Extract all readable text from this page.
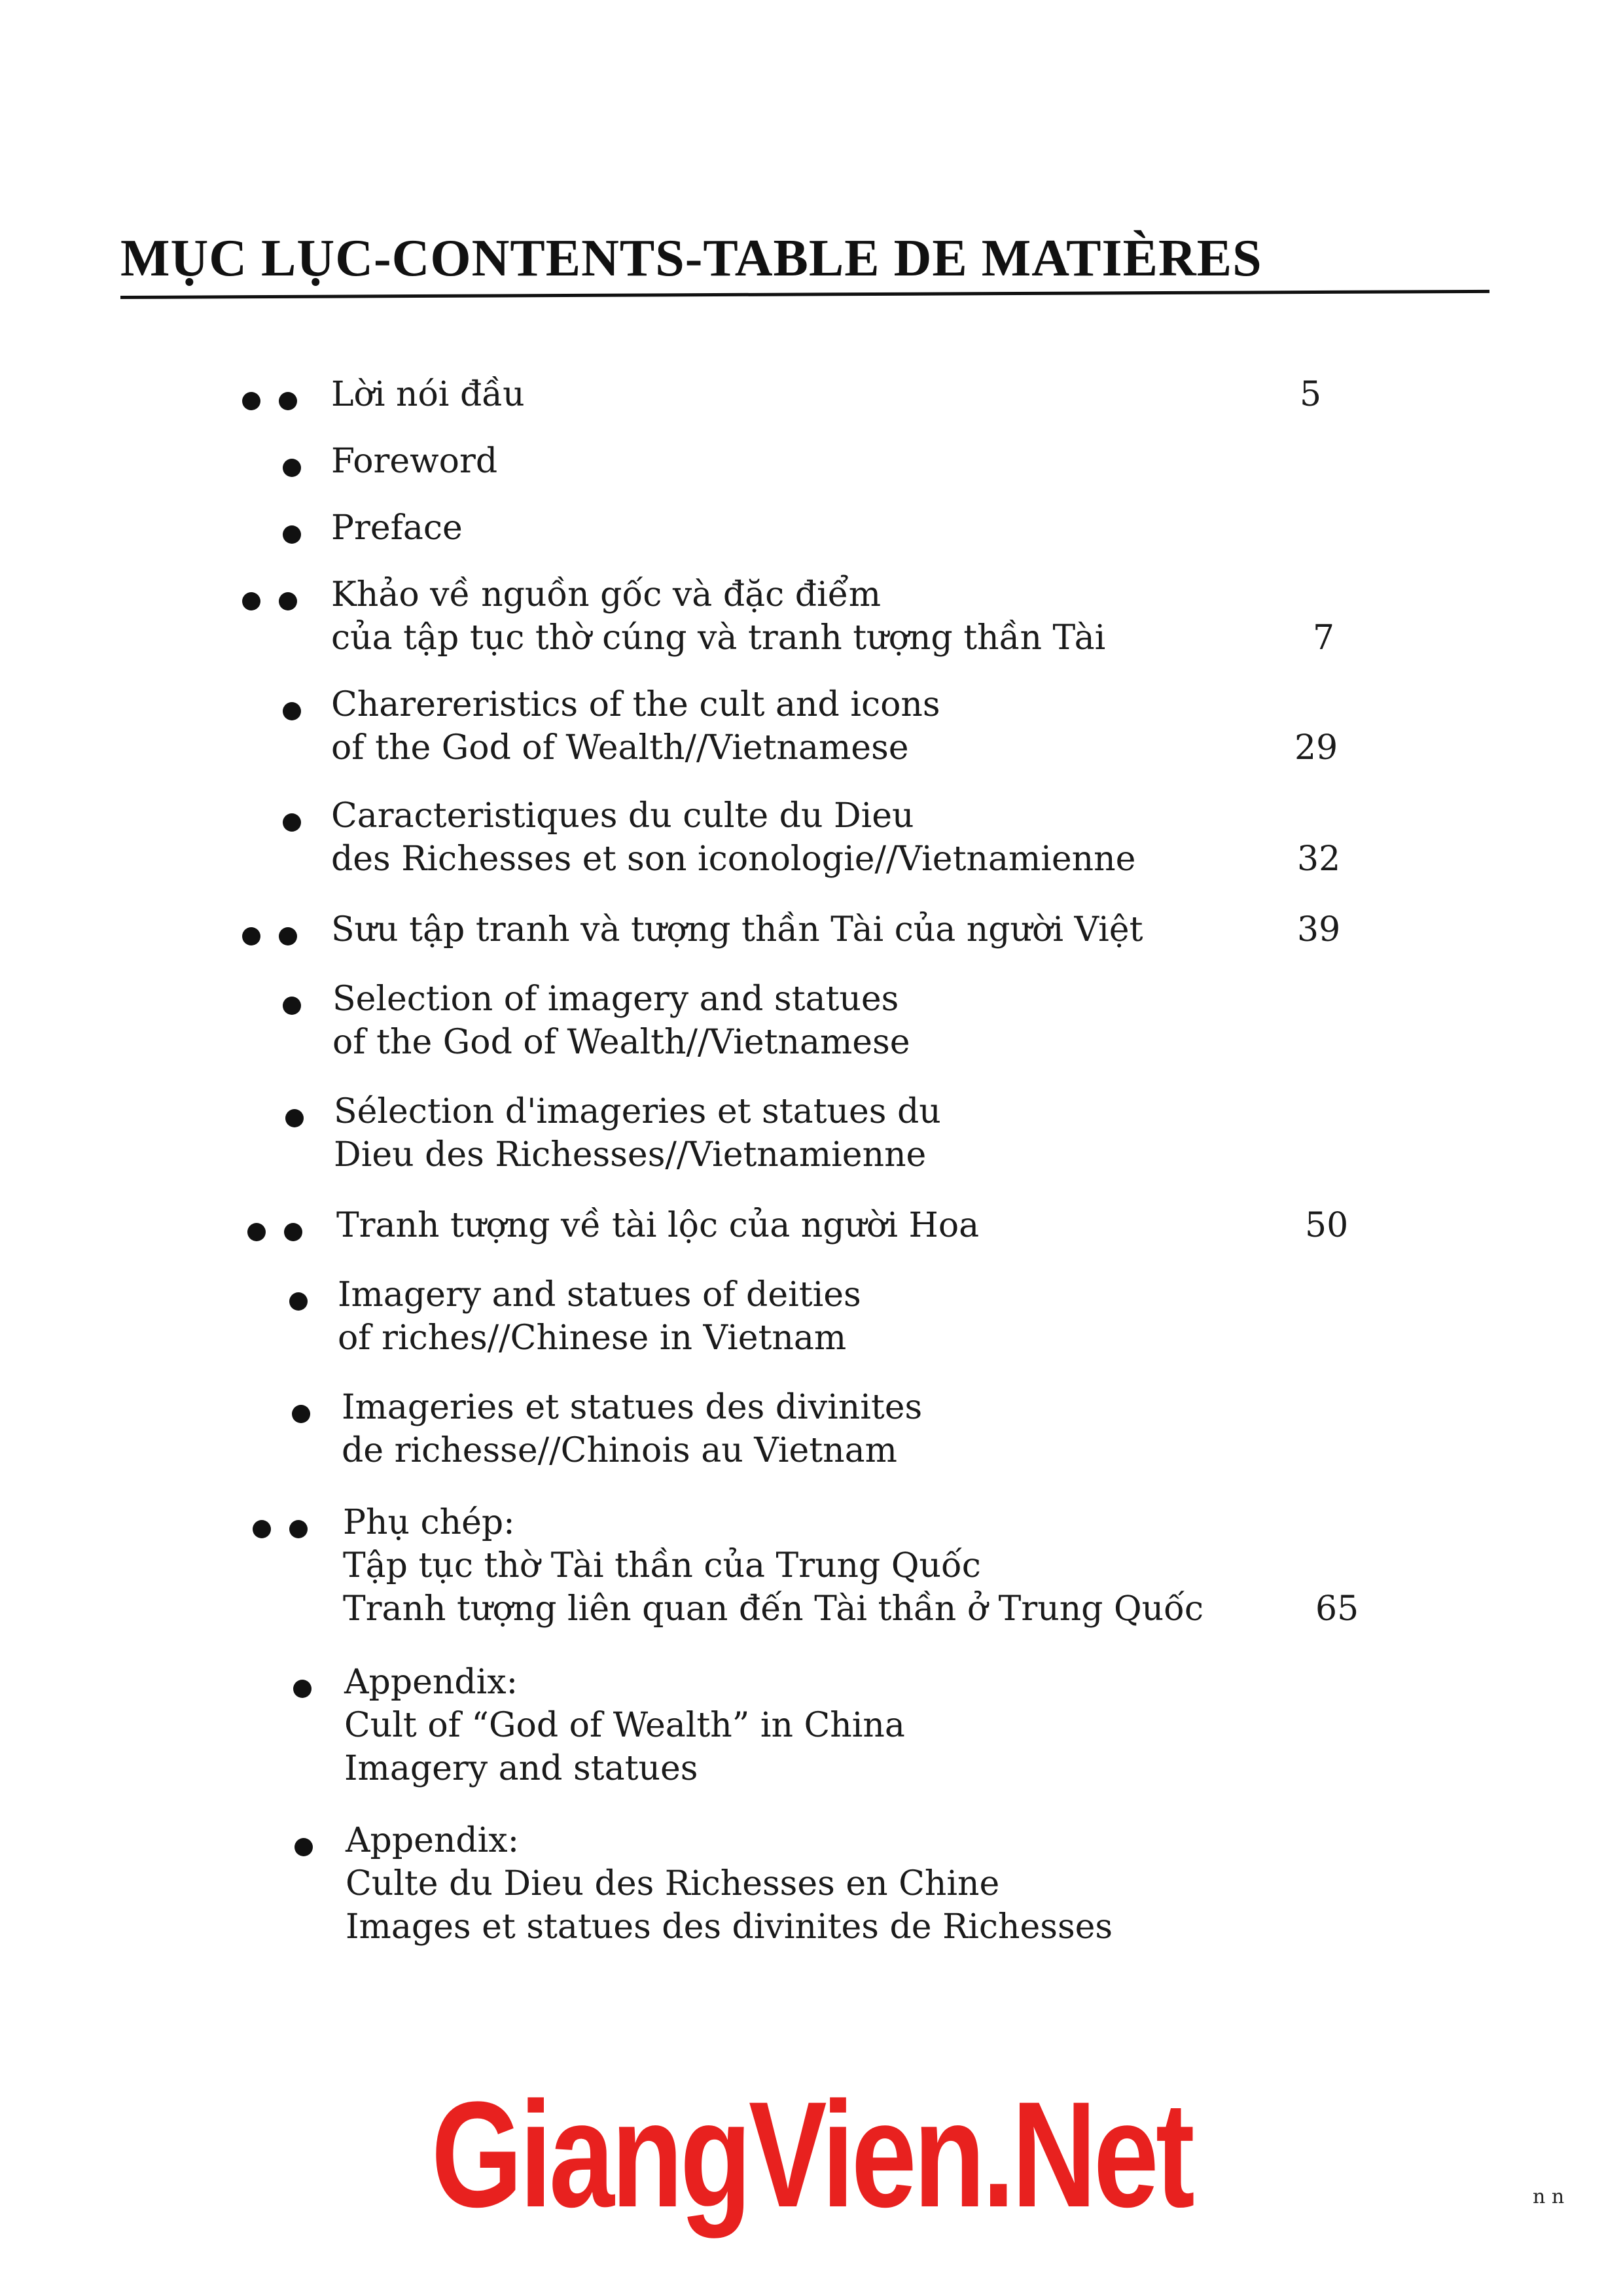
MỤC LỤC-CONTENTS-TABLE DE MATIÈRES
Lời nói đầu	5
Foreword
Preface
Khảo về nguồn gốc và đặc điểm
của tập tục thờ cúng và tranh tượng thần Tài	7
Charereristics of the cult and icons
of the God of Wealth//Vietnamese	29
Caracteristiques du culte du Dieu
des Richesses et son iconologie//Vietnamienne	32
Sưu tập tranh và tượng thần Tài của người Việt	39
Selection of imagery and statues
of the God of Wealth//Vietnamese
Sélection d'imageries et statues du
Dieu des Richesses//Vietnamienne
Tranh tượng về tài lộc của người Hoa	50
Imagery and statues of deities
of riches//Chinese in Vietnam
Imageries et statues des divinites
de richesse//Chinois au Vietnam
Phụ chép:
Tập tục thờ Tài thần của Trung Quốc
Tranh tượng liên quan đến Tài thần ở Trung Quốc	65
Appendix:
Cult of “God of Wealth” in China
Imagery and statues
Appendix:
Culte du Dieu des Richesses en Chine
Images et statues des divinites de Richesses
GiangVien.Net	n n
